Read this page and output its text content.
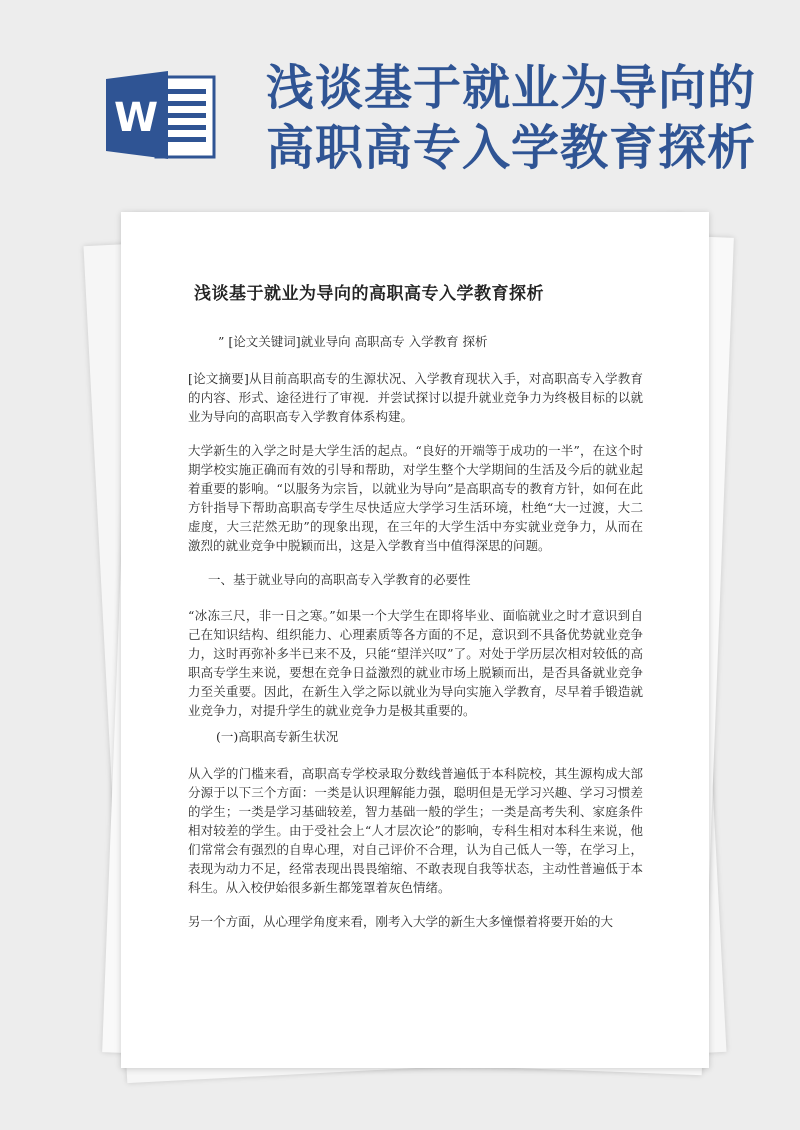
W
浅谈基于就业为导向的
高职高专入学教育探析
浅谈基于就业为导向的高职高专入学教育探析
” [论文关键词]就业导向 高职高专 入学教育 探析
[论文摘要]从目前高职高专的生源状况、入学教育现状入手，对高职高专入学教育的内容、形式、途径进行了审视．并尝试探讨以提升就业竞争力为终极目标的以就业为导向的高职高专入学教育体系构建。
大学新生的入学之时是大学生活的起点。“良好的开端等于成功的一半”，在这个时期学校实施正确而有效的引导和帮助，对学生整个大学期间的生活及今后的就业起着重要的影响。“以服务为宗旨，以就业为导向”是高职高专的教育方针，如何在此方针指导下帮助高职高专学生尽快适应大学学习生活环境，杜绝“大一过渡，大二虚度，大三茫然无助”的现象出现，在三年的大学生活中夯实就业竞争力，从而在激烈的就业竞争中脱颖而出，这是入学教育当中值得深思的问题。
一、基于就业导向的高职高专入学教育的必要性
“冰冻三尺，非一日之寒。”如果一个大学生在即将毕业、面临就业之时才意识到自己在知识结构、组织能力、心理素质等各方面的不足，意识到不具备优势就业竞争力，这时再弥补多半已来不及，只能“望洋兴叹”了。对处于学历层次相对较低的高职高专学生来说，要想在竞争日益激烈的就业市场上脱颖而出，是否具备就业竞争力至关重要。因此，在新生入学之际以就业为导向实施入学教育，尽早着手锻造就业竞争力，对提升学生的就业竞争力是极其重要的。
(一)高职高专新生状况
从入学的门槛来看，高职高专学校录取分数线普遍低于本科院校，其生源构成大部分源于以下三个方面：一类是认识理解能力强，聪明但是无学习兴趣、学习习惯差的学生；一类是学习基础较差，智力基础一般的学生；一类是高考失利、家庭条件相对较差的学生。由于受社会上“人才层次论”的影响，专科生相对本科生来说，他们常常会有强烈的自卑心理，对自己评价不合理，认为自己低人一等，在学习上，表现为动力不足，经常表现出畏畏缩缩、不敢表现自我等状态，主动性普遍低于本科生。从入校伊始很多新生都笼罩着灰色情绪。
另一个方面，从心理学角度来看，刚考入大学的新生大多憧憬着将要开始的大
